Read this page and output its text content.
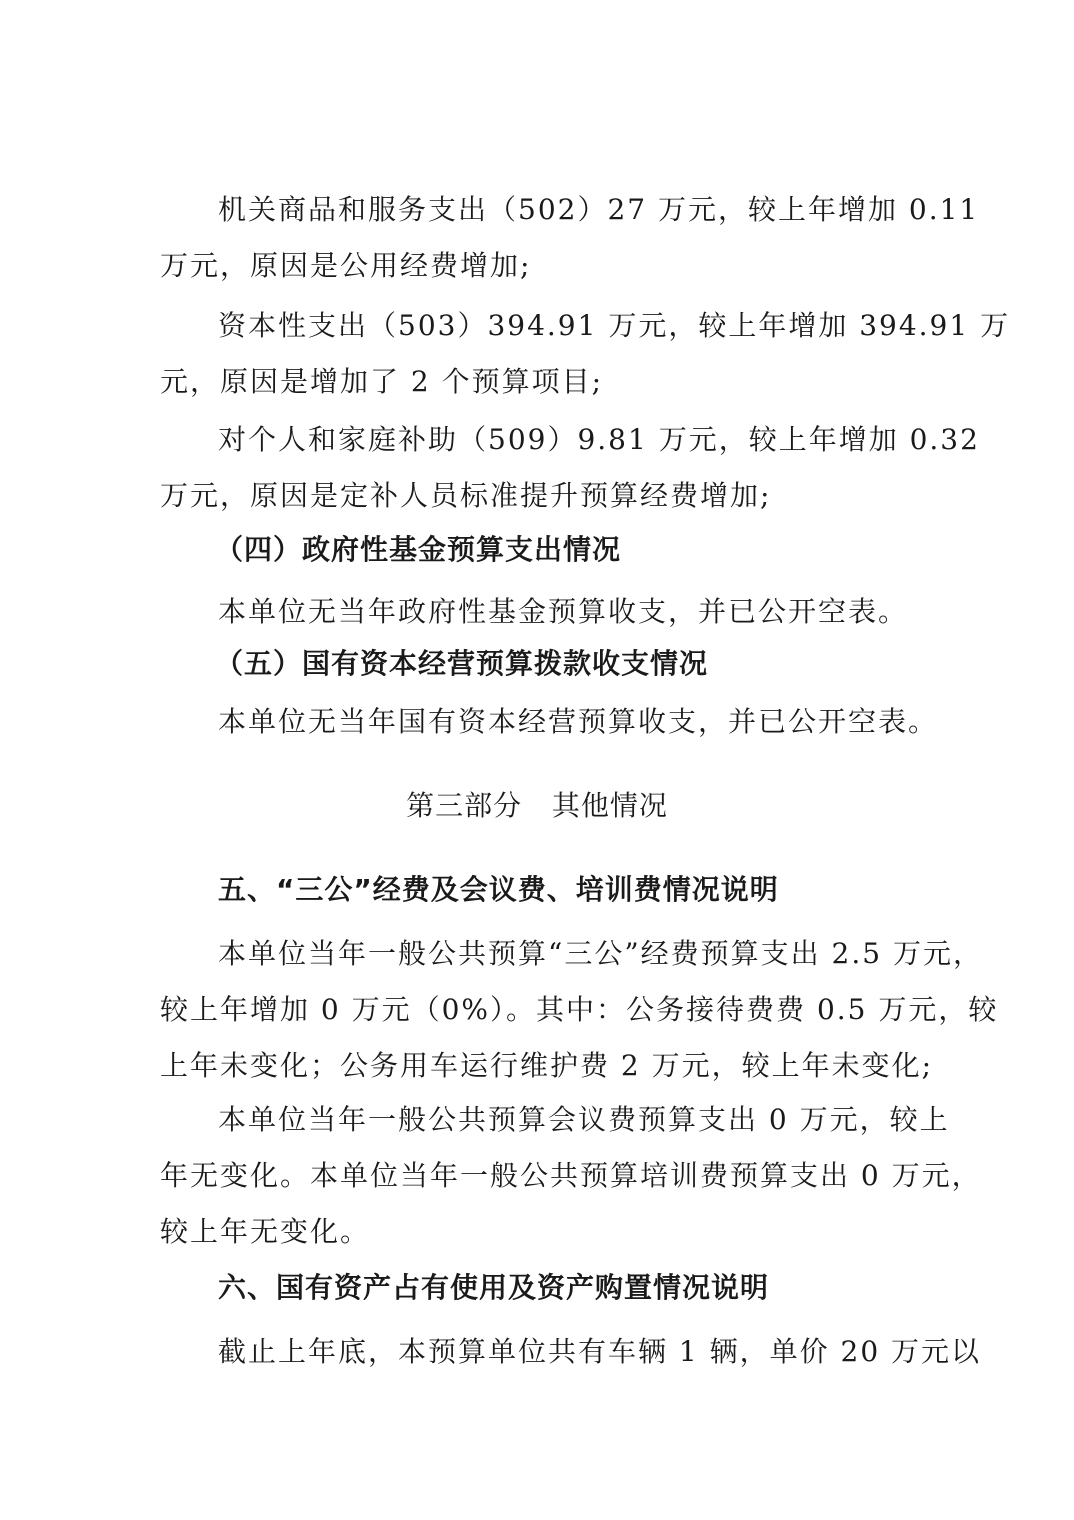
机关商品和服务支出（502）27 万元，较上年增加 0.11
万元，原因是公用经费增加;
资本性支出（503）394.91 万元，较上年增加 394.91 万
元，原因是增加了 2 个预算项目;
对个人和家庭补助（509）9.81 万元，较上年增加 0.32
万元，原因是定补人员标准提升预算经费增加;
（四）政府性基金预算支出情况
本单位无当年政府性基金预算收支，并已公开空表。
（五）国有资本经营预算拨款收支情况
本单位无当年国有资本经营预算收支，并已公开空表。
第三部分   其他情况
五、“三公”经费及会议费、培训费情况说明
本单位当年一般公共预算“三公”经费预算支出 2.5 万元，
较上年增加 0 万元（0%）。其中：公务接待费费 0.5 万元，较
上年未变化；公务用车运行维护费 2 万元，较上年未变化;
本单位当年一般公共预算会议费预算支出 0 万元，较上
年无变化。本单位当年一般公共预算培训费预算支出 0 万元，
较上年无变化。
六、国有资产占有使用及资产购置情况说明
截止上年底，本预算单位共有车辆 1 辆，单价 20 万元以
